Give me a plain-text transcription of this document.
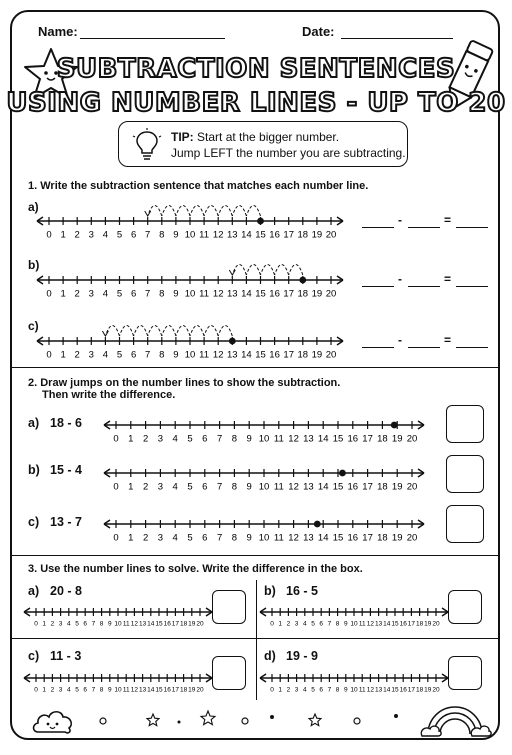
Name:	Date:
SUBTRACTION SENTENCES
USING NUMBER LINES - UP TO 20
TIP: Start at the bigger number.
Jump LEFT the number you are subtracting.
1. Write the subtraction sentence that matches each number line.
a)
b)
c)
0 1 2 3 4 5 6 7 8 9 10 11 12 13 14 15 16 17 18 19 20
0 1 2 3 4 5 6 7 8 9 10 11 12 13 14 15 16 17 18 19 20
0 1 2 3 4 5 6 7 8 9 10 11 12 13 14 15 16 17 18 19 20
-	=
-	=
-	=
2. Draw jumps on the number lines to show the subtraction.
Then write the difference.
a) 18 - 6
b) 15 - 4
c) 13 - 7
0 1 2 3 4 5 6 7 8 9 10 11 12 13 14 15 16 17 18 19 20
0 1 2 3 4 5 6 7 8 9 10 11 12 13 14 15 16 17 18 19 20
0 1 2 3 4 5 6 7 8 9 10 11 12 13 14 15 16 17 18 19 20
3. Use the number lines to solve. Write the difference in the box.
a) 20 - 8	b) 16 - 5
c) 11 - 3	d) 19 - 9
0 1 2 3 4 5 6 7 8 9 10 11 12 13 14 15 16 17 18 19 20	0 1 2 3 4 5 6 7 8 9 10 11 12 13 14 15 16 17 18 19 20
0 1 2 3 4 5 6 7 8 9 10 11 12 13 14 15 16 17 18 19 20	0 1 2 3 4 5 6 7 8 9 10 11 12 13 14 15 16 17 18 19 20
